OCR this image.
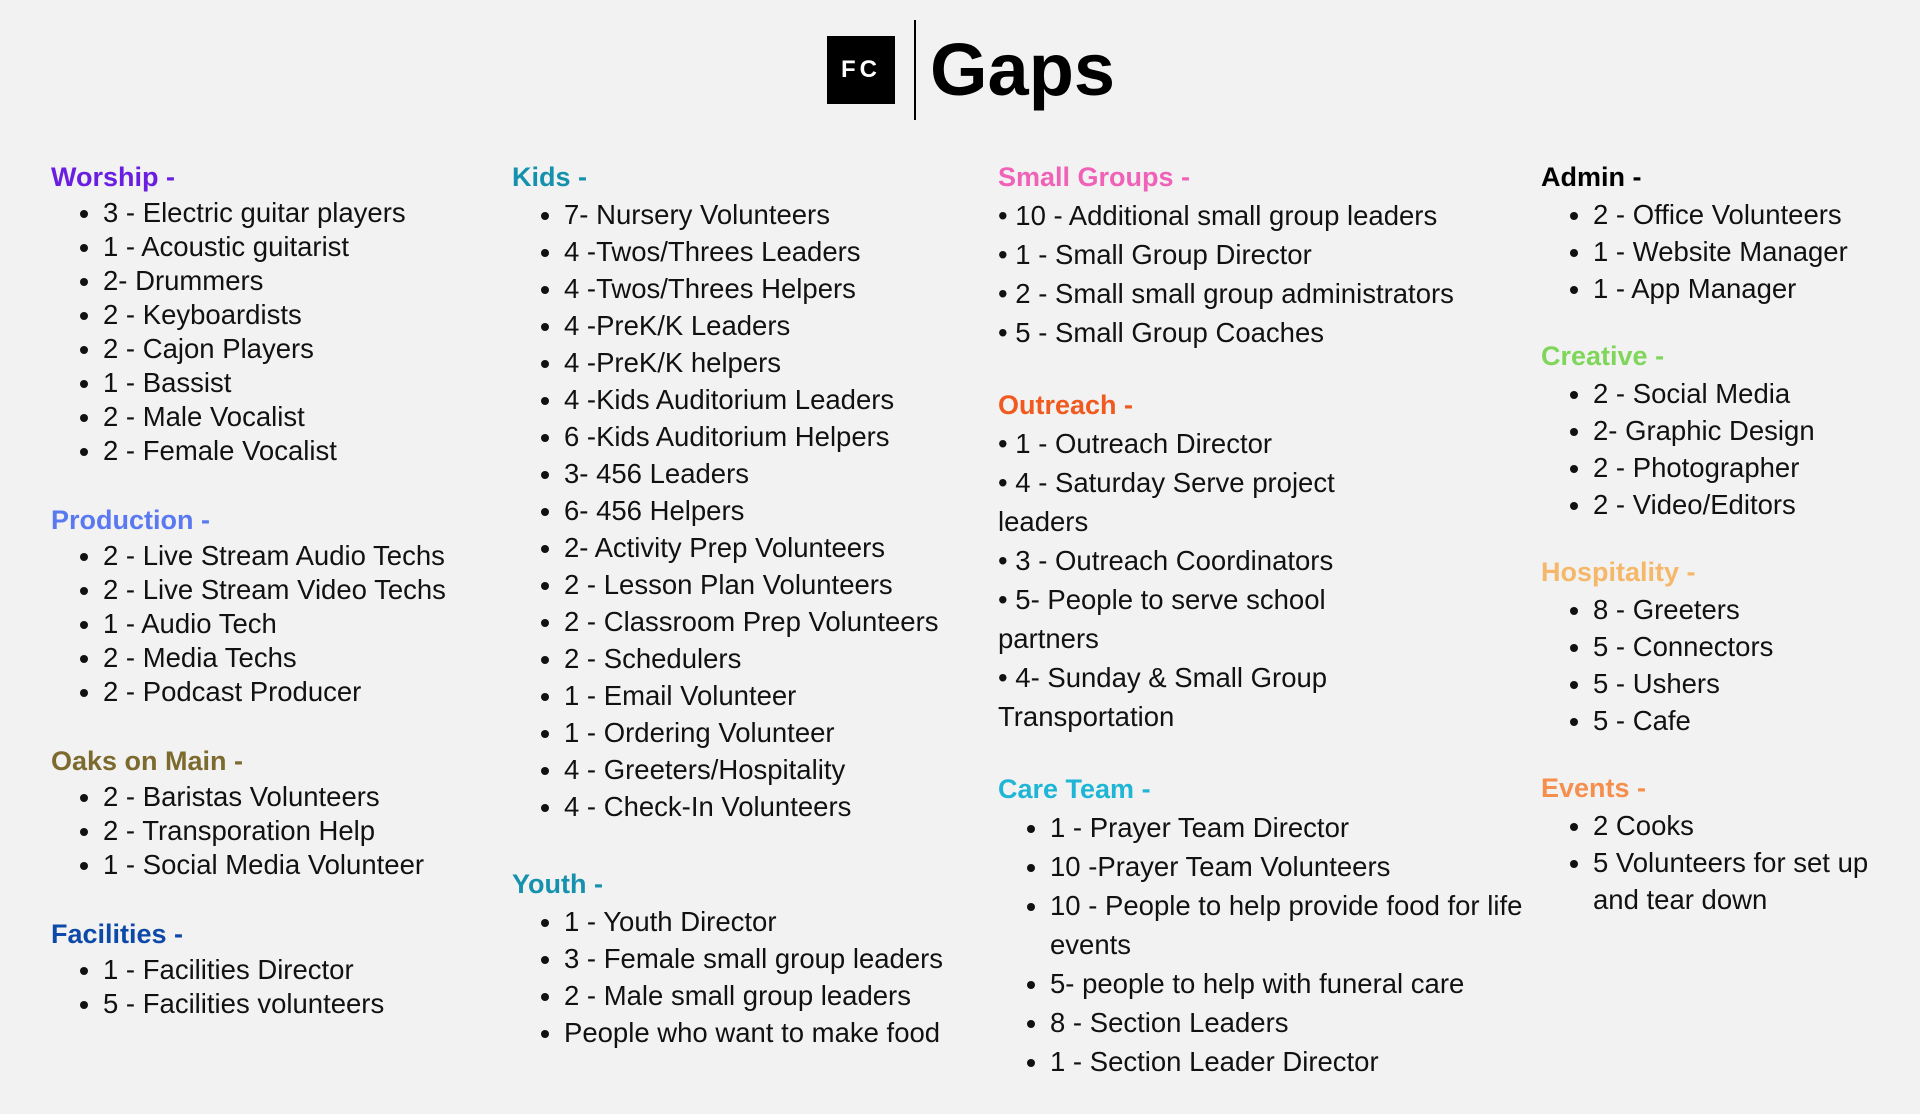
FC Gaps

Worship -

• 3 - Electric guitar players
• 1 - Acoustic guitarist
• 2- Drummers
• 2 - Keyboardists
• 2 - Cajon Players
• 1 - Bassist
• 2 - Male Vocalist
• 2 - Female Vocalist

Production -

• 2 - Live Stream Audio Techs
• 2 - Live Stream Video Techs
• 1 - Audio Tech
• 2 - Media Techs
• 2 - Podcast Producer

Oaks on Main -

• 2 - Baristas Volunteers
• 2 - Transporation Help
• 1 - Social Media Volunteer

Facilities -

• 1 - Facilities Director
• 5 - Facilities volunteers

Kids -

• 7- Nursery Volunteers
• 4 -Twos/Threes Leaders
• 4 -Twos/Threes Helpers
• 4 -PreK/K Leaders
• 4 -PreK/K helpers
• 4 -Kids Auditorium Leaders
• 6 -Kids Auditorium Helpers
• 3- 456 Leaders
• 6- 456 Helpers
• 2- Activity Prep Volunteers
• 2 - Lesson Plan Volunteers
• 2 - Classroom Prep Volunteers
• 2 - Schedulers
• 1 - Email Volunteer
• 1 - Ordering Volunteer
• 4 - Greeters/Hospitality
• 4 - Check-In Volunteers

Youth -

• 1 - Youth Director
• 3 - Female small group leaders
• 2 - Male small group leaders
• People who want to make food

Small Groups -

• 10 - Additional small group leaders
• 1 - Small Group Director
• 2 - Small small group administrators
• 5 - Small Group Coaches

Outreach -

• 1 - Outreach Director
• 4 - Saturday Serve project leaders
• 3 - Outreach Coordinators
• 5- People to serve school partners
• 4- Sunday & Small Group Transportation

Care Team -

• 1 - Prayer Team Director
• 10 -Prayer Team Volunteers
• 10 - People to help provide food for life events
• 5- people to help with funeral care
• 8 - Section Leaders
• 1 - Section Leader Director

Admin -

• 2 - Office Volunteers
• 1 - Website Manager
• 1 - App Manager

Creative -

• 2 - Social Media
• 2- Graphic Design
• 2 - Photographer
• 2 - Video/Editors

Hospitality -

• 8 - Greeters
• 5 - Connectors
• 5 - Ushers
• 5 - Cafe

Events -

• 2 Cooks
• 5 Volunteers for set up and tear down
